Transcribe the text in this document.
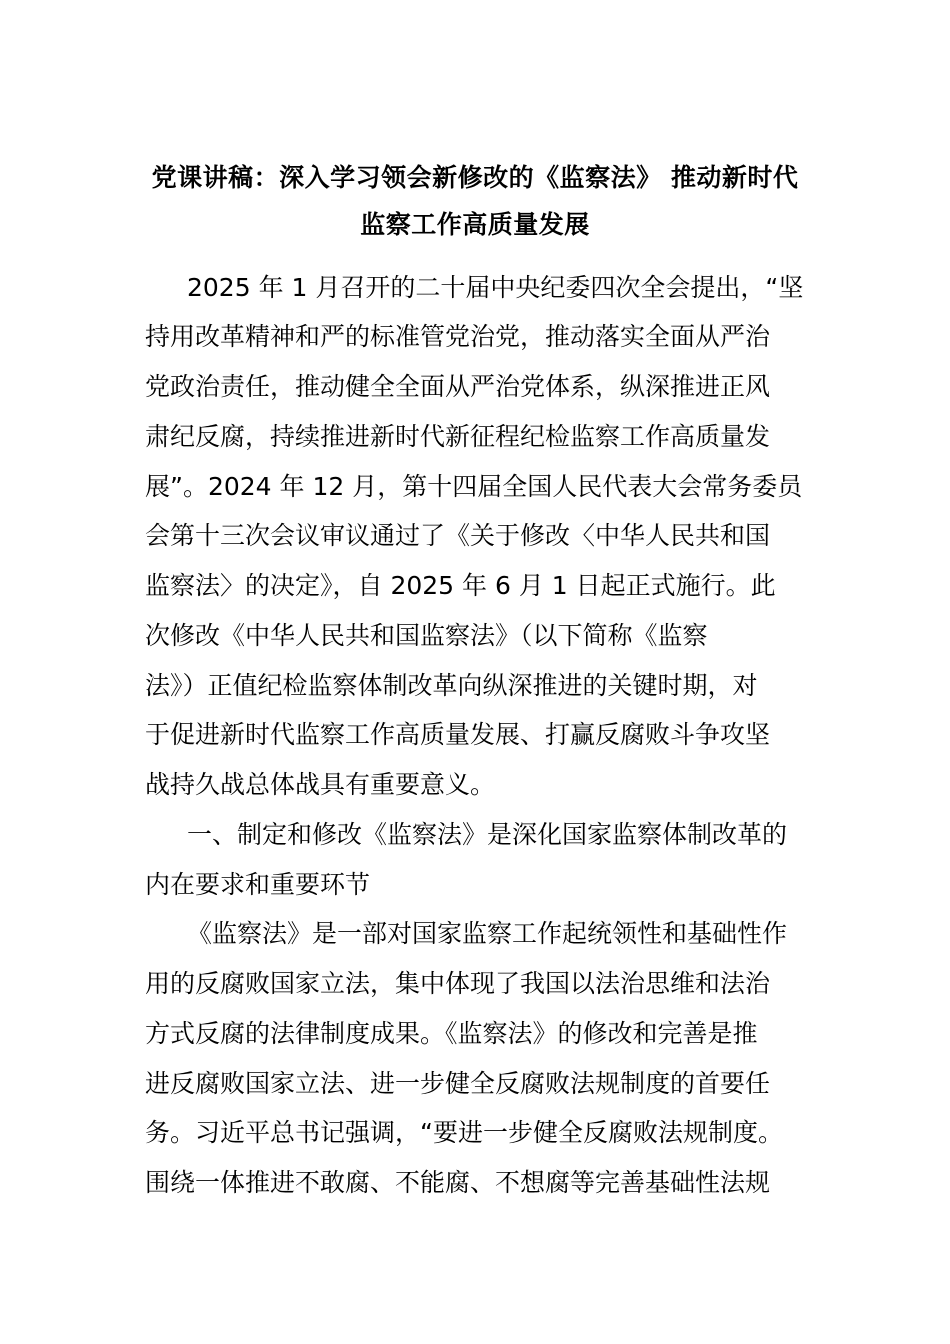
党课讲稿：深入学习领会新修改的《监察法》 推动新时代
监察工作高质量发展
2025 年 1 月召开的二十届中央纪委四次全会提出，“坚
持用改革精神和严的标准管党治党，推动落实全面从严治
党政治责任，推动健全全面从严治党体系，纵深推进正风
肃纪反腐，持续推进新时代新征程纪检监察工作高质量发
展”。2024 年 12 月，第十四届全国人民代表大会常务委员
会第十三次会议审议通过了《关于修改〈中华人民共和国
监察法〉的决定》，自 2025 年 6 月 1 日起正式施行。此
次修改《中华人民共和国监察法》（以下简称《监察
法》）正值纪检监察体制改革向纵深推进的关键时期，对
于促进新时代监察工作高质量发展、打赢反腐败斗争攻坚
战持久战总体战具有重要意义。
一、制定和修改《监察法》是深化国家监察体制改革的
内在要求和重要环节
《监察法》是一部对国家监察工作起统领性和基础性作
用的反腐败国家立法，集中体现了我国以法治思维和法治
方式反腐的法律制度成果。《监察法》的修改和完善是推
进反腐败国家立法、进一步健全反腐败法规制度的首要任
务。习近平总书记强调，“要进一步健全反腐败法规制度。
围绕一体推进不敢腐、不能腐、不想腐等完善基础性法规
